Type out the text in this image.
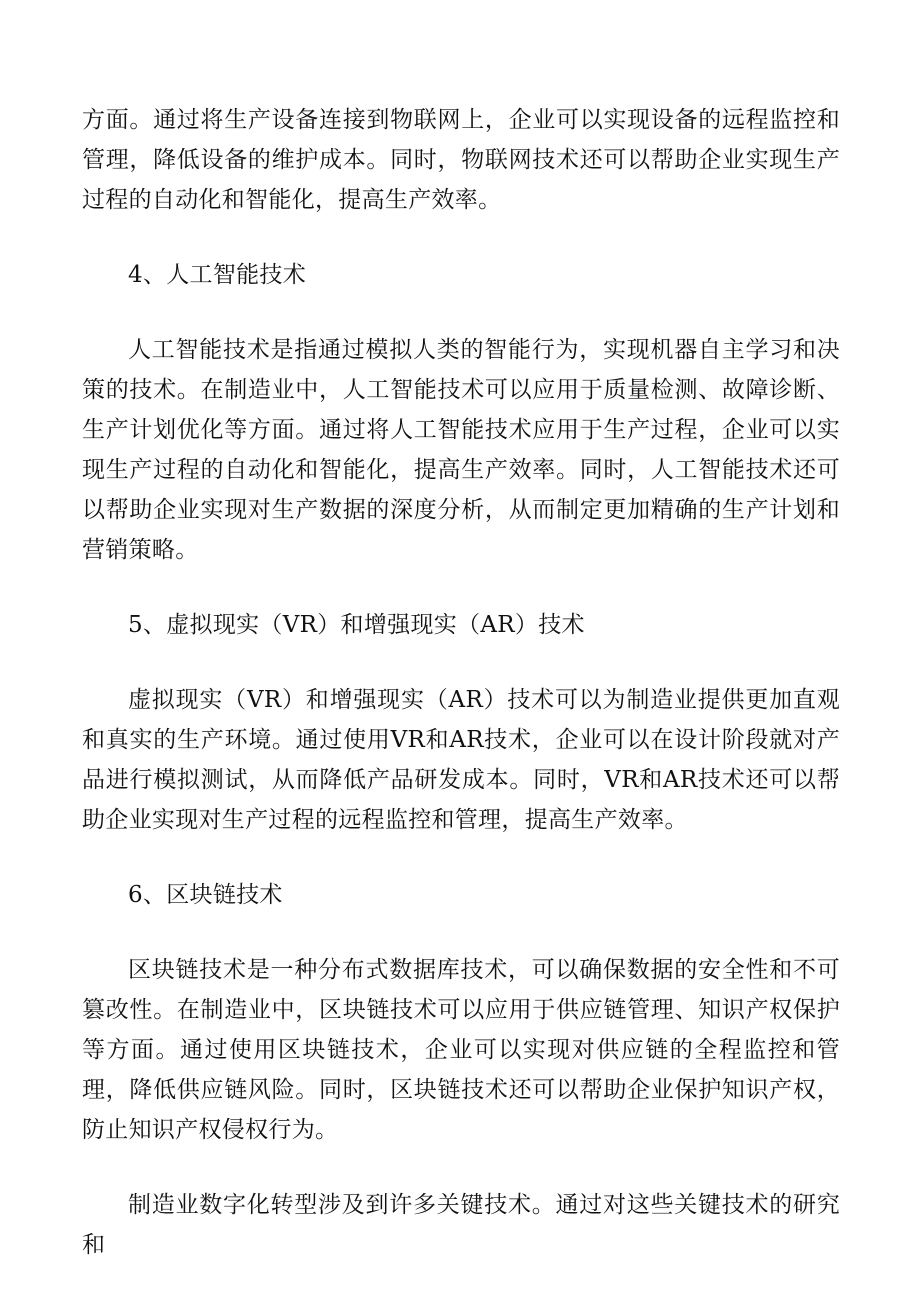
方面。通过将生产设备连接到物联网上，企业可以实现设备的远程监控和管理，降低设备的维护成本。同时，物联网技术还可以帮助企业实现生产过程的自动化和智能化，提高生产效率。

4、人工智能技术

人工智能技术是指通过模拟人类的智能行为，实现机器自主学习和决策的技术。在制造业中，人工智能技术可以应用于质量检测、故障诊断、生产计划优化等方面。通过将人工智能技术应用于生产过程，企业可以实现生产过程的自动化和智能化，提高生产效率。同时，人工智能技术还可以帮助企业实现对生产数据的深度分析，从而制定更加精确的生产计划和营销策略。

5、虚拟现实（VR）和增强现实（AR）技术

虚拟现实（VR）和增强现实（AR）技术可以为制造业提供更加直观和真实的生产环境。通过使用VR和AR技术，企业可以在设计阶段就对产品进行模拟测试，从而降低产品研发成本。同时，VR和AR技术还可以帮助企业实现对生产过程的远程监控和管理，提高生产效率。

6、区块链技术

区块链技术是一种分布式数据库技术，可以确保数据的安全性和不可篡改性。在制造业中，区块链技术可以应用于供应链管理、知识产权保护等方面。通过使用区块链技术，企业可以实现对供应链的全程监控和管理，降低供应链风险。同时，区块链技术还可以帮助企业保护知识产权，防止知识产权侵权行为。

制造业数字化转型涉及到许多关键技术。通过对这些关键技术的研究和
